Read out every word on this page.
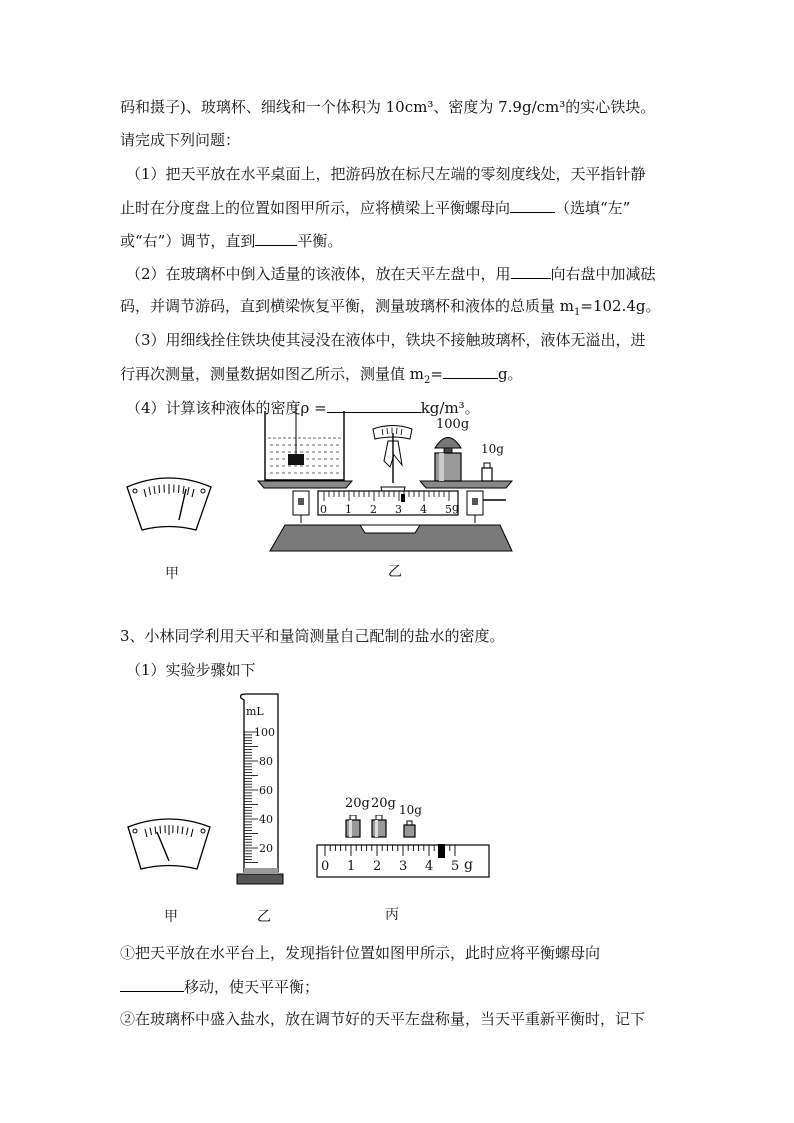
码和摄子)、玻璃杯、细线和一个体积为 10cm³、密度为 7.9g/cm³的实心铁块。
请完成下列问题：
（1）把天平放在水平桌面上，把游码放在标尺左端的零刻度线处，天平指针静
止时在分度盘上的位置如图甲所示，应将横梁上平衡螺母向	（选填“左”
或“右”）调节，直到	平衡。
（2）在玻璃杯中倒入适量的该液体，放在天平左盘中，用	向右盘中加减砝
码，并调节游码，直到横梁恢复平衡，测量玻璃杯和液体的总质量 $m_1=102.4g$。
（3）用细线拴住铁块使其浸没在液体中，铁块不接触玻璃杯，液体无溢出，进
行再次测量，测量数据如图乙所示，测量值 $m_2=$	g。
（4）计算该种液体的密度ρ =	kg/m³。
甲
100g
10g
乙
0 1 2 3 4 5 g
3、小林同学利用天平和量筒测量自己配制的盐水的密度。
（1）实验步骤如下
甲
mL
100
80
60
40
20
乙
20g 20g 10g
0 1 2 3 4 5 g
丙
①把天平放在水平台上，发现指针位置如图甲所示，此时应将平衡螺母向
移动，使天平平衡；
②在玻璃杯中盛入盐水，放在调节好的天平左盘称量，当天平重新平衡时，记下
